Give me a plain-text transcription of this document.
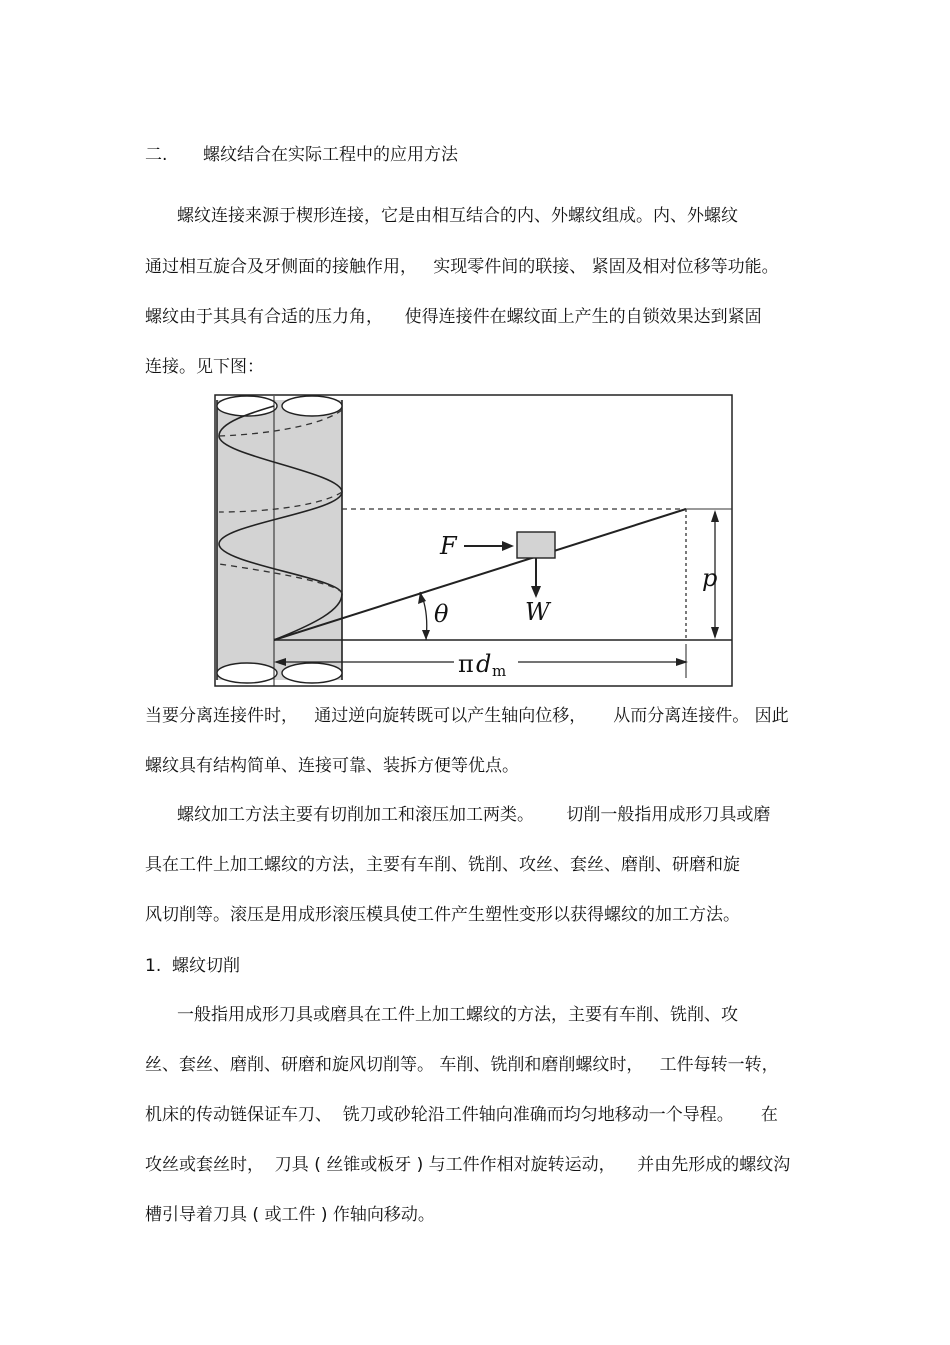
二. 螺纹结合在实际工程中的应用方法
螺纹连接来源于楔形连接，它是由相互结合的内、外螺纹组成。内、外螺纹
通过相互旋合及牙侧面的接触作用，   实现零件间的联接、 紧固及相对位移等功能。
螺纹由于其具有合适的压力角，    使得连接件在螺纹面上产生的自锁效果达到紧固
连接。见下图：
p
π d m
θ
F
W
当要分离连接件时，   通过逆向旋转既可以产生轴向位移，     从而分离连接件。 因此
螺纹具有结构简单、连接可靠、装拆方便等优点。
螺纹加工方法主要有切削加工和滚压加工两类。      切削一般指用成形刀具或磨
具在工件上加工螺纹的方法，主要有车削、铣削、攻丝、套丝、磨削、研磨和旋
风切削等。滚压是用成形滚压模具使工件产生塑性变形以获得螺纹的加工方法。
1. 螺纹切削
一般指用成形刀具或磨具在工件上加工螺纹的方法，主要有车削、铣削、攻
丝、套丝、磨削、研磨和旋风切削等。 车削、铣削和磨削螺纹时，   工件每转一转，
机床的传动链保证车刀、  铣刀或砂轮沿工件轴向准确而均匀地移动一个导程。     在
攻丝或套丝时，  刀具 ( 丝锥或板牙 ) 与工件作相对旋转运动，    并由先形成的螺纹沟
槽引导着刀具 ( 或工件 ) 作轴向移动。
